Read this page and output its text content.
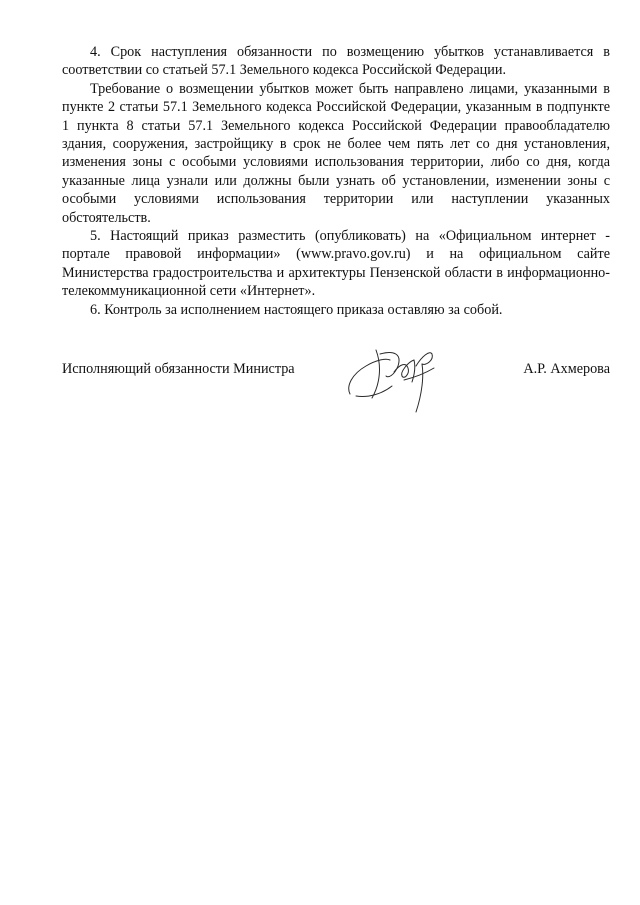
4. Срок наступления обязанности по возмещению убытков устанавливается в соответствии со статьей 57.1 Земельного кодекса Российской Федерации.

Требование о возмещении убытков может быть направлено лицами, указанными в пункте 2 статьи 57.1 Земельного кодекса Российской Федерации, указанным в подпункте 1 пункта 8 статьи 57.1 Земельного кодекса Российской Федерации правообладателю здания, сооружения, застройщику в срок не более чем пять лет со дня установления, изменения зоны с особыми условиями использования территории, либо со дня, когда указанные лица узнали или должны были узнать об установлении, изменении зоны с особыми условиями использования территории или наступлении указанных обстоятельств.

5. Настоящий приказ разместить (опубликовать) на «Официальном интернет - портале правовой информации» (www.pravo.gov.ru) и на официальном сайте Министерства градостроительства и архитектуры Пензенской области в информационно-телекоммуникационной сети «Интернет».

6. Контроль за исполнением настоящего приказа оставляю за собой.

Исполняющий обязанности Министра	А.Р. Ахмерова
